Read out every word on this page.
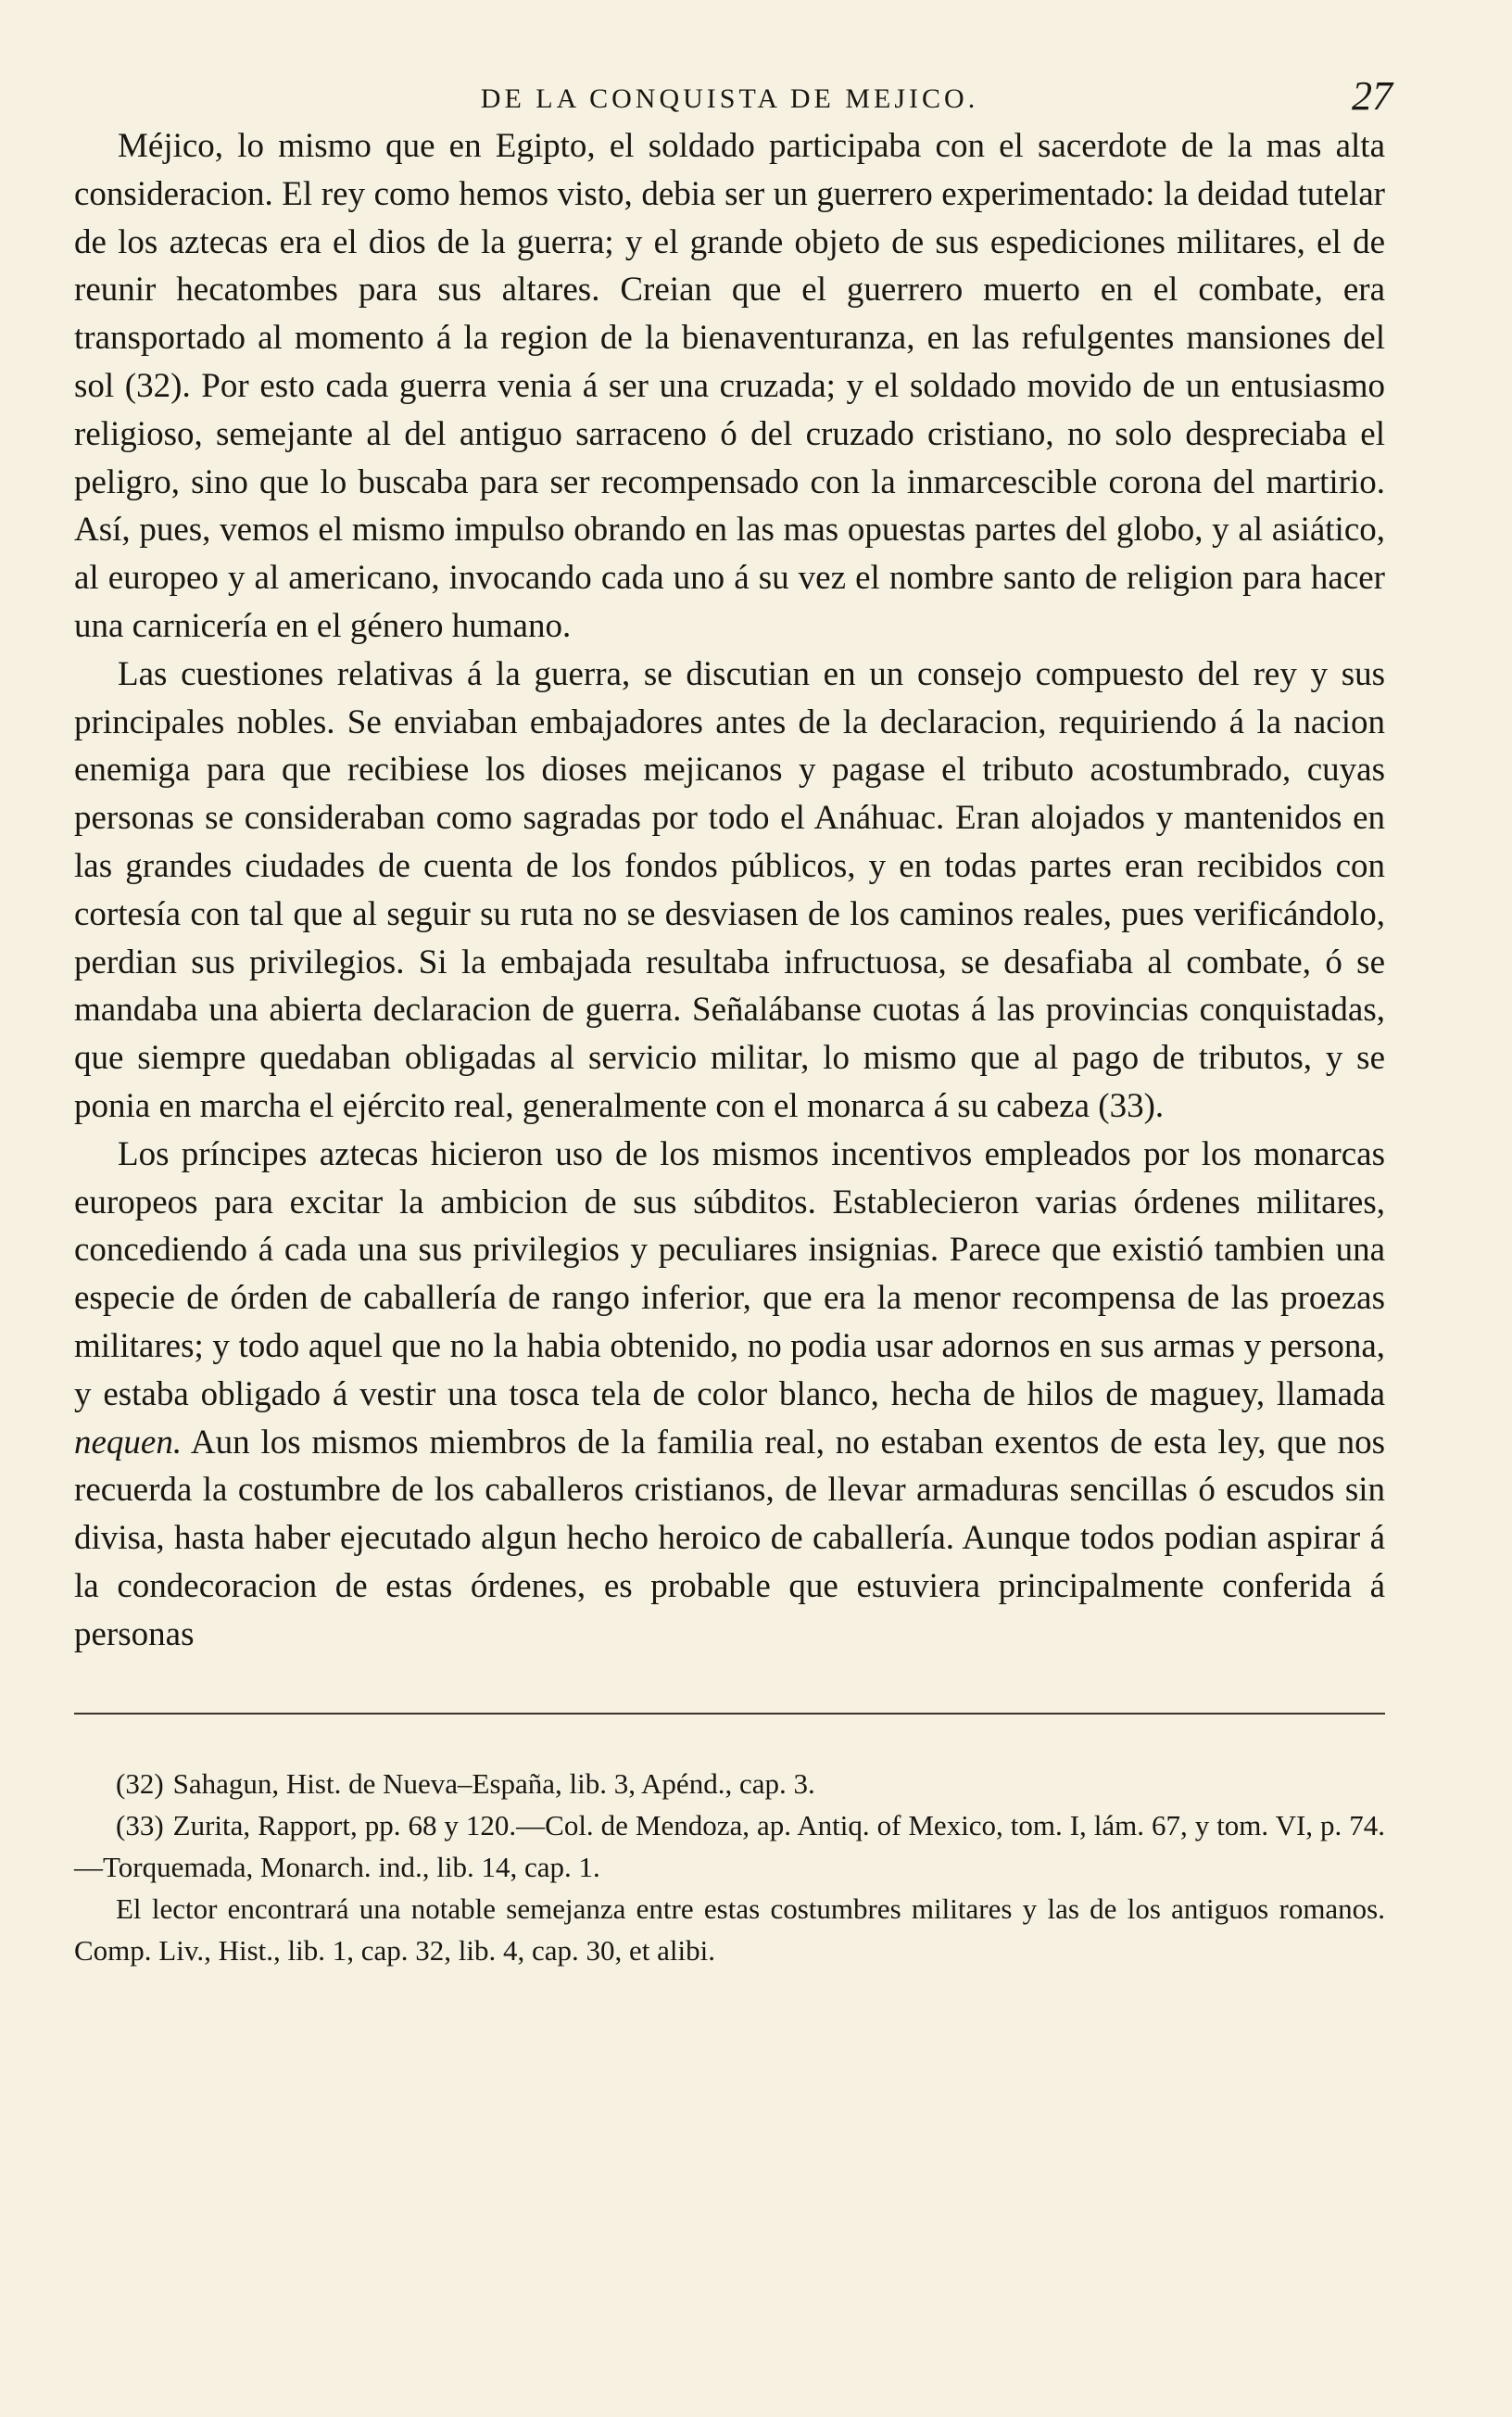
DE LA CONQUISTA DE MEJICO.	27

Méjico, lo mismo que en Egipto, el soldado participaba con el sacerdote de la mas alta consideracion. El rey como hemos visto, debia ser un guerrero experimentado: la deidad tutelar de los aztecas era el dios de la guerra; y el grande objeto de sus espediciones militares, el de reunir hecatombes para sus altares. Creian que el guerrero muerto en el combate, era transportado al momento á la region de la bienaventuranza, en las refulgentes mansiones del sol (32). Por esto cada guerra venia á ser una cruzada; y el soldado movido de un entusiasmo religioso, semejante al del antiguo sarraceno ó del cruzado cristiano, no solo despreciaba el peligro, sino que lo buscaba para ser recompensado con la inmarcescible corona del martirio. Así, pues, vemos el mismo impulso obrando en las mas opuestas partes del globo, y al asiático, al europeo y al americano, invocando cada uno á su vez el nombre santo de religion para hacer una carnicería en el género humano.

Las cuestiones relativas á la guerra, se discutian en un consejo compuesto del rey y sus principales nobles. Se enviaban embajadores antes de la declaracion, requiriendo á la nacion enemiga para que recibiese los dioses mejicanos y pagase el tributo acostumbrado, cuyas personas se consideraban como sagradas por todo el Anáhuac. Eran alojados y mantenidos en las grandes ciudades de cuenta de los fondos públicos, y en todas partes eran recibidos con cortesía con tal que al seguir su ruta no se desviasen de los caminos reales, pues verificándolo, perdian sus privilegios. Si la embajada resultaba infructuosa, se desafiaba al combate, ó se mandaba una abierta declaracion de guerra. Señalábanse cuotas á las provincias conquistadas, que siempre quedaban obligadas al servicio militar, lo mismo que al pago de tributos, y se ponia en marcha el ejército real, generalmente con el monarca á su cabeza (33).

Los príncipes aztecas hicieron uso de los mismos incentivos empleados por los monarcas europeos para excitar la ambicion de sus súbditos. Establecieron varias órdenes militares, concediendo á cada una sus privilegios y peculiares insignias. Parece que existió tambien una especie de órden de caballería de rango inferior, que era la menor recompensa de las proezas militares; y todo aquel que no la habia obtenido, no podia usar adornos en sus armas y persona, y estaba obligado á vestir una tosca tela de color blanco, hecha de hilos de maguey, llamada nequen. Aun los mismos miembros de la familia real, no estaban exentos de esta ley, que nos recuerda la costumbre de los caballeros cristianos, de llevar armaduras sencillas ó escudos sin divisa, hasta haber ejecutado algun hecho heroico de caballería. Aunque todos podian aspirar á la condecoracion de estas órdenes, es probable que estuviera principalmente conferida á personas

(32) Sahagun, Hist. de Nueva–España, lib. 3, Apénd., cap. 3.

(33) Zurita, Rapport, pp. 68 y 120.—Col. de Mendoza, ap. Antiq. of Mexico, tom. I, lám. 67, y tom. VI, p. 74.—Torquemada, Monarch. ind., lib. 14, cap. 1.

El lector encontrará una notable semejanza entre estas costumbres militares y las de los antiguos romanos. Comp. Liv., Hist., lib. 1, cap. 32, lib. 4, cap. 30, et alibi.
